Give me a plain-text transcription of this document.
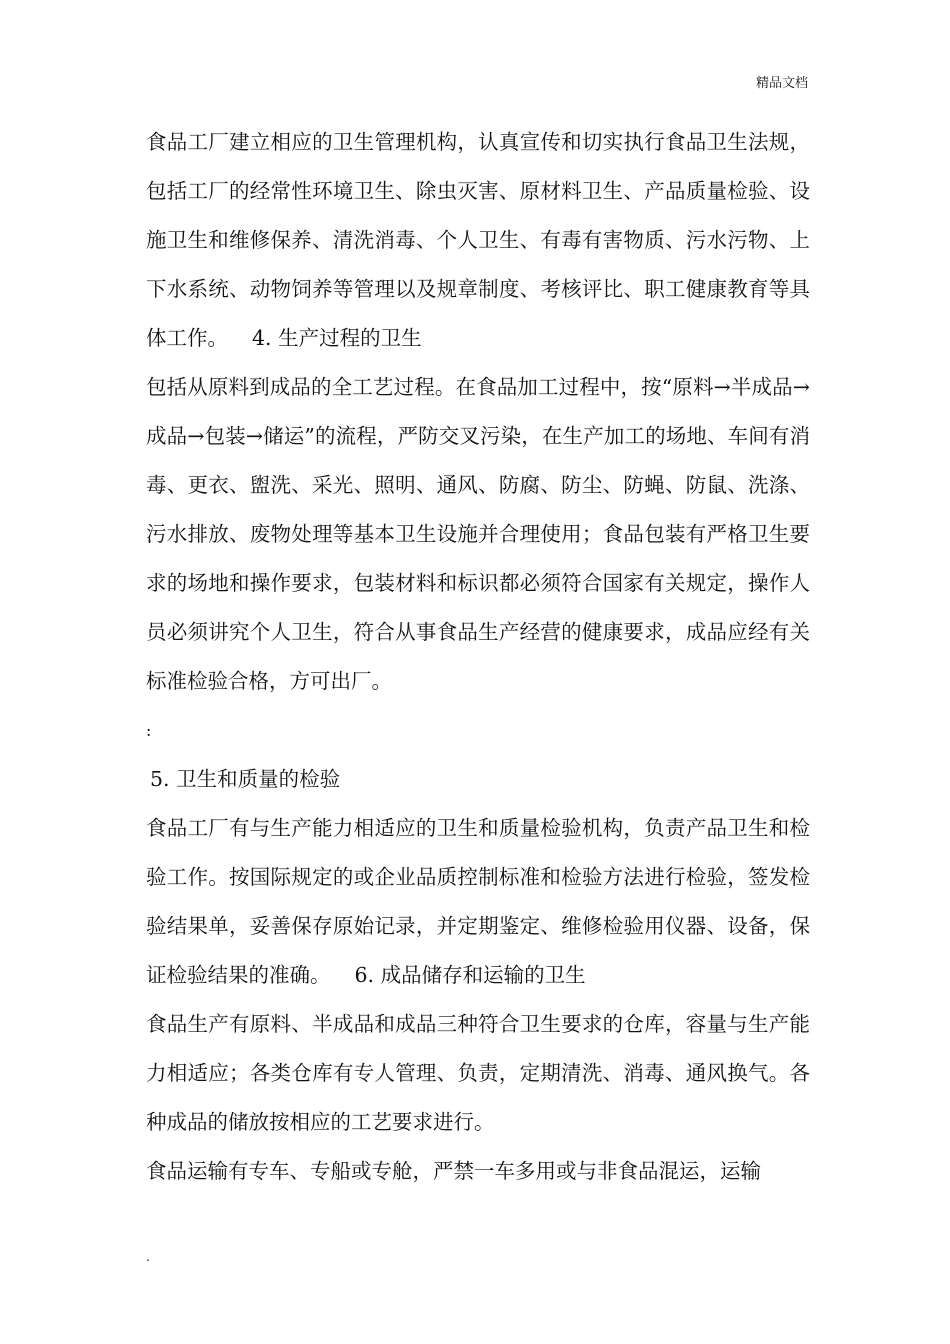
精品文档

食品工厂建立相应的卫生管理机构，认真宣传和切实执行食品卫生法规，包括工厂的经常性环境卫生、除虫灭害、原材料卫生、产品质量检验、设施卫生和维修保养、清洗消毒、个人卫生、有毒有害物质、污水污物、上下水系统、动物饲养等管理以及规章制度、考核评比、职工健康教育等具体工作。 4. 生产过程的卫生

包括从原料到成品的全工艺过程。在食品加工过程中，按“原料→半成品→成品→包装→储运”的流程，严防交叉污染，在生产加工的场地、车间有消毒、更衣、盥洗、采光、照明、通风、防腐、防尘、防蝇、防鼠、洗涤、污水排放、废物处理等基本卫生设施并合理使用；食品包装有严格卫生要求的场地和操作要求，包装材料和标识都必须符合国家有关规定，操作人员必须讲究个人卫生，符合从事食品生产经营的健康要求，成品应经有关标准检验合格，方可出厂。

:

5. 卫生和质量的检验

食品工厂有与生产能力相适应的卫生和质量检验机构，负责产品卫生和检验工作。按国际规定的或企业品质控制标准和检验方法进行检验，签发检验结果单，妥善保存原始记录，并定期鉴定、维修检验用仪器、设备，保证检验结果的准确。 6. 成品储存和运输的卫生

食品生产有原料、半成品和成品三种符合卫生要求的仓库，容量与生产能力相适应；各类仓库有专人管理、负责，定期清洗、消毒、通风换气。各种成品的储放按相应的工艺要求进行。

食品运输有专车、专船或专舱，严禁一车多用或与非食品混运，运输

.
